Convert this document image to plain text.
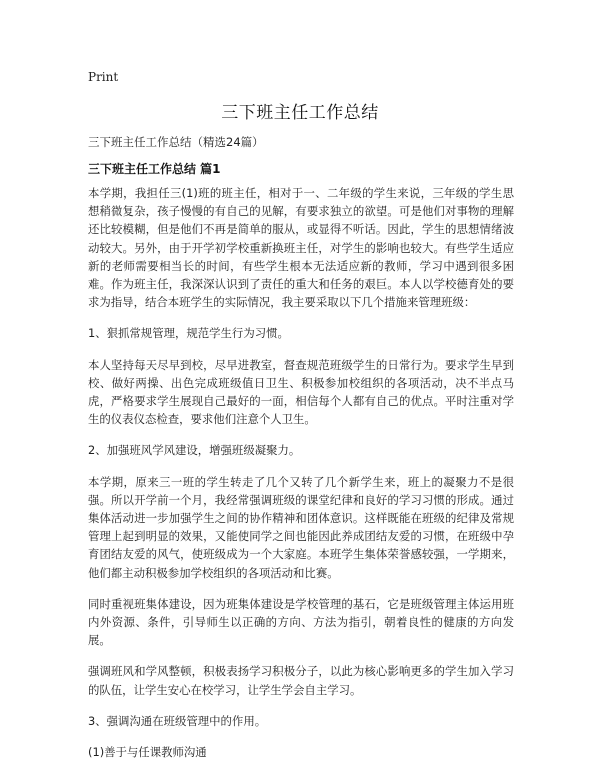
Print
三下班主任工作总结
三下班主任工作总结（精选24篇）
三下班主任工作总结 篇1

本学期，我担任三(1)班的班主任，相对于一、二年级的学生来说，三年级的学生思想稍微复杂，孩子慢慢的有自己的见解，有要求独立的欲望。可是他们对事物的理解还比较模糊，但是他们不再是简单的服从，或显得不听话。因此，学生的思想情绪波动较大。另外，由于开学初学校重新换班主任，对学生的影响也较大。有些学生适应新的老师需要相当长的时间，有些学生根本无法适应新的教师，学习中遇到很多困难。作为班主任，我深深认识到了责任的重大和任务的艰巨。本人以学校德育处的要求为指导，结合本班学生的实际情况，我主要采取以下几个措施来管理班级：

1、狠抓常规管理，规范学生行为习惯。

本人坚持每天尽早到校，尽早进教室，督查规范班级学生的日常行为。要求学生早到校、做好两操、出色完成班级值日卫生、积极参加校组织的各项活动，决不半点马虎，严格要求学生展现自己最好的一面，相信每个人都有自己的优点。平时注重对学生的仪表仪态检查，要求他们注意个人卫生。

2、加强班风学风建设，增强班级凝聚力。

本学期，原来三一班的学生转走了几个又转了几个新学生来，班上的凝聚力不是很强。所以开学前一个月，我经常强调班级的课堂纪律和良好的学习习惯的形成。通过集体活动进一步加强学生之间的协作精神和团体意识。这样既能在班级的纪律及常规管理上起到明显的效果，又能使同学之间也能因此养成团结友爱的习惯，在班级中孕育团结友爱的风气，使班级成为一个大家庭。本班学生集体荣誉感较强，一学期来，他们都主动积极参加学校组织的各项活动和比赛。

同时重视班集体建设，因为班集体建设是学校管理的基石，它是班级管理主体运用班内外资源、条件，引导师生以正确的方向、方法为指引，朝着良性的健康的方向发展。

强调班风和学风整顿，积极表扬学习积极分子，以此为核心影响更多的学生加入学习的队伍，让学生安心在校学习，让学生学会自主学习。

3、强调沟通在班级管理中的作用。

(1)善于与任课教师沟通
